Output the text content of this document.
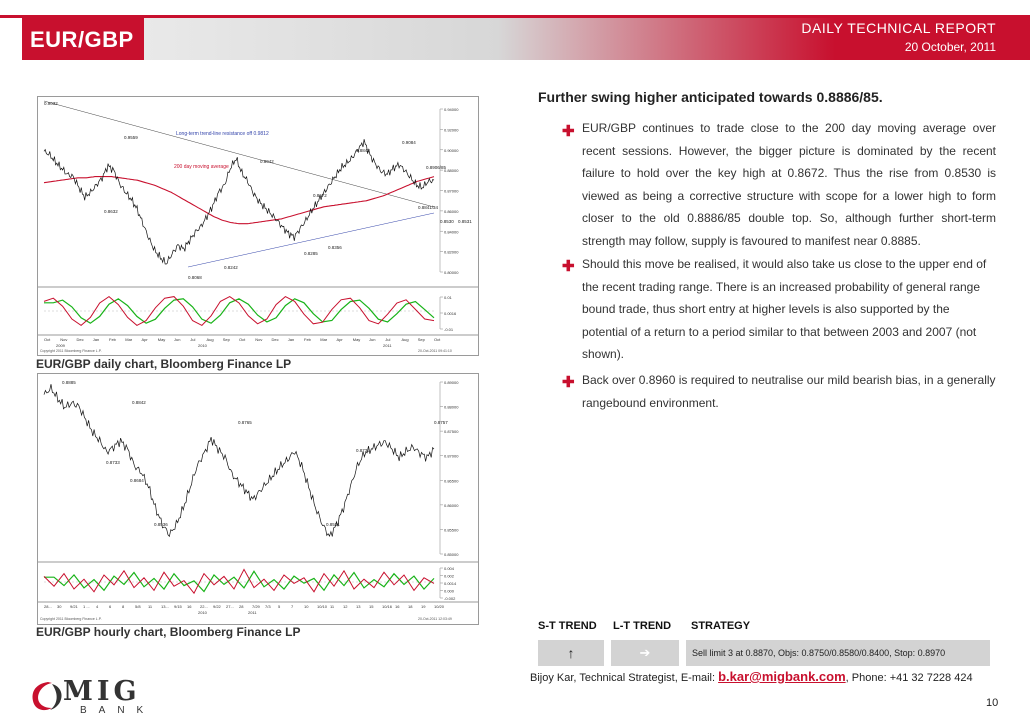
EUR/GBP	DAILY TECHNICAL REPORT
20 October, 2011
0.94000
0.92000
0.90000
0.88000
0.87000
0.86000
0.84000
0.82000
0.80000
Long-term trend-line resistance off 0.9812
200 day moving average
0.9032
0.8632
0.9559
0.8942
0.8843
0.9084
0.8672
0.8530 0.8531
0.8906/85
0.8841/34
0.8356
0.8285
0.8068
0.8242
0.01
0.0016
-0.01
Oct	Nov Dec Jan Feb Mar Apr	May Jun Jul	Aug Sep Oct	Nov Dec Jan Feb Mar Apr	May Jun Jul	Aug Sep Oct
2009	2010	2011
Copyright 2011 Bloomberg Finance L.P.	20-Oct-2011 09:41:10
EUR/GBP daily chart, Bloomberg Finance LP
0.89000
0.88000
0.87500
0.87000
0.86500
0.86000
0.85500
0.85000
0.8885
0.8842
0.8765	0.8757
0.8735
0.8733
0.8684
0.8536	0.8531
0.004
0.002
0.0014
0.000
-0.002
28... 30 9/21 1 ... 4	6	8	5/8 11 13... 9/15 16 22... 9/22 27... 28 7/29 7/3 5	7	10 10/10 11 12 13 15 10/16 16 18 19 10/20
2010	2011
Copyright 2011 Bloomberg Finance L.P.	20-Oct-2011 12:03:49
EUR/GBP hourly chart, Bloomberg Finance LP
Further swing higher anticipated towards 0.8886/85.
✚ EUR/GBP continues to trade close to the 200 day moving average over recent sessions. However, the bigger picture is dominated by the recent failure to hold over the key high at 0.8672. Thus the rise from 0.8530 is viewed as being a corrective structure with scope for a lower high to form closer to the old 0.8886/85 double top. So, although further short-term strength may follow, supply is favoured to manifest near 0.8885.
✚ Should this move be realised, it would also take us close to the upper end of the recent trading range. There is an increased probability of general range bound trade, thus short entry at higher levels is also supported by the potential of a return to a period similar to that between 2003 and 2007 (not shown).
✚ Back over 0.8960 is required to neutralise our mild bearish bias, in a generally rangebound environment.
S-T TREND L-T TREND STRATEGY
↑	➔	Sell limit 3 at 0.8870, Objs: 0.8750/0.8580/0.8400, Stop: 0.8970
Bijoy Kar, Technical Strategist, E-mail: b.kar@migbank.com, Phone: +41 32 7228 424
10
MIG
BANK
